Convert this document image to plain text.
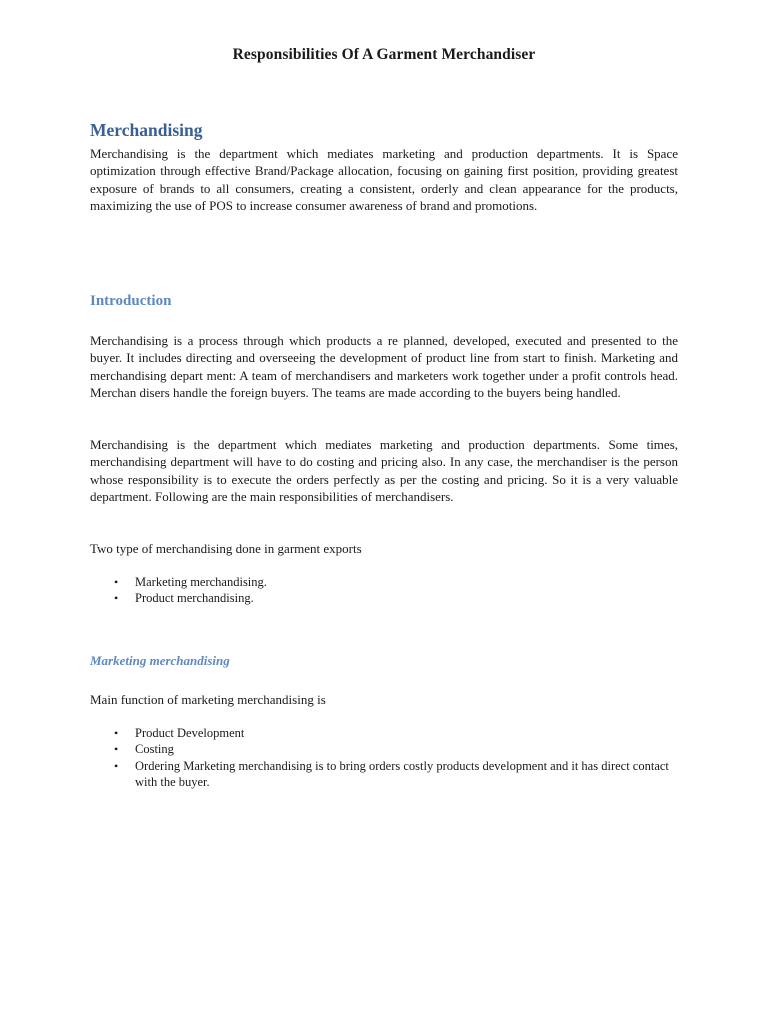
Responsibilities Of A Garment Merchandiser
Merchandising

Merchandising is the department which mediates marketing and production departments. It is Space optimization through effective Brand/Package allocation, focusing on gaining first position, providing greatest exposure of brands to all consumers, creating a consistent, orderly and clean appearance for the products, maximizing the use of POS to increase consumer awareness of brand and promotions.

Introduction

Merchandising is a process through which products a re planned, developed, executed and presented to the buyer. It includes directing and overseeing the development of product line from start to finish. Marketing and merchandising depart ment: A team of merchandisers and marketers work together under a profit controls head. Merchan disers handle the foreign buyers. The teams are made according to the buyers being handled.

Merchandising is the department which mediates marketing and production departments. Some times, merchandising department will have to do costing and pricing also. In any case, the merchandiser is the person whose responsibility is to execute the orders perfectly as per the costing and pricing. So it is a very valuable department. Following are the main responsibilities of merchandisers.

Two type of merchandising done in garment exports

• Marketing merchandising.
• Product merchandising.
Marketing merchandising

Main function of marketing merchandising is

• Product Development
• Costing
• Ordering Marketing merchandising is to bring orders costly products development and it has direct contact with the buyer.
